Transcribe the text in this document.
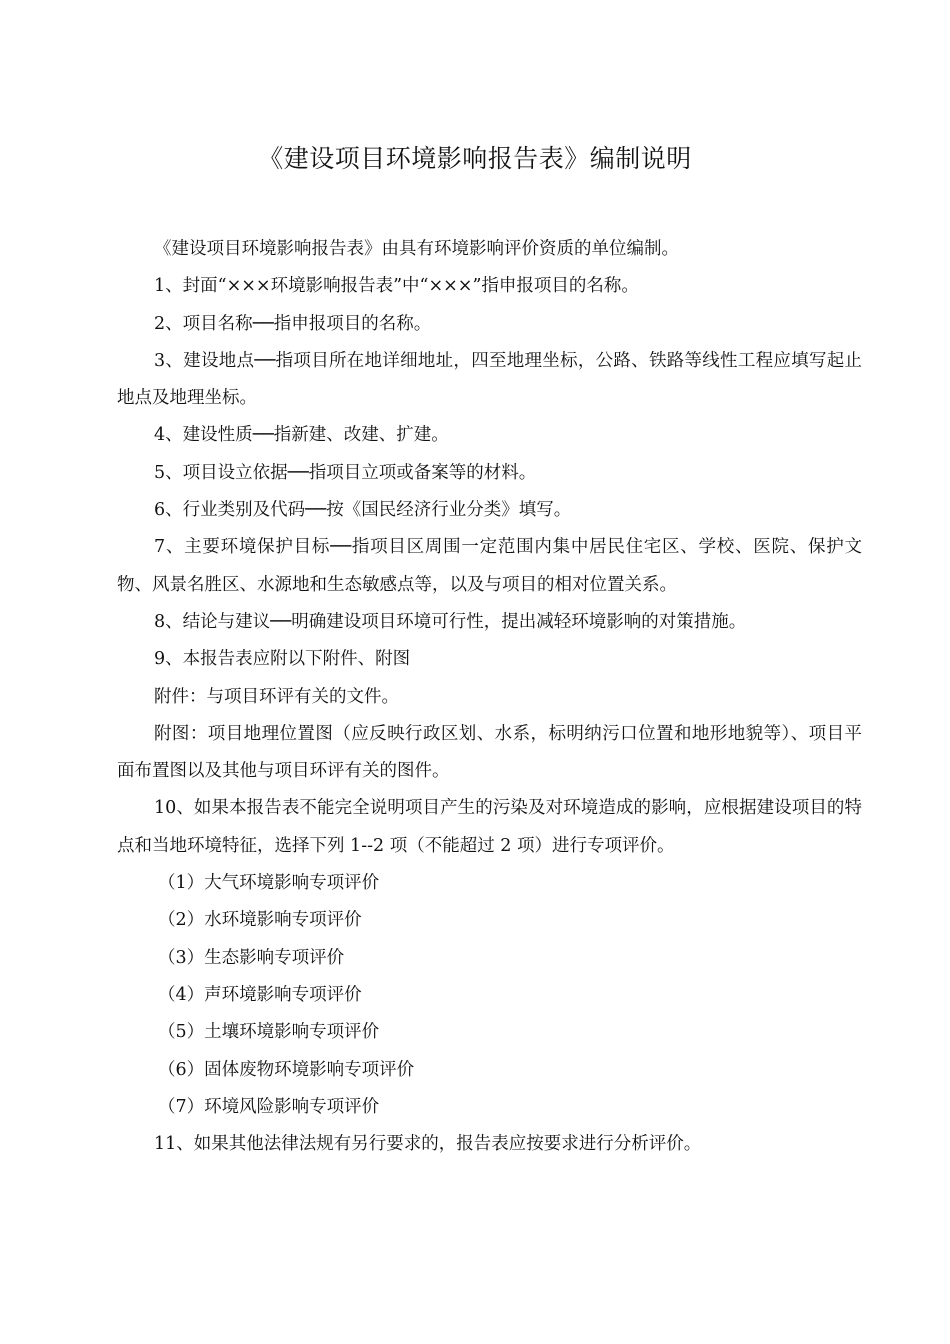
《建设项目环境影响报告表》编制说明

《建设项目环境影响报告表》由具有环境影响评价资质的单位编制。

1、封面“×××环境影响报告表”中“×××”指申报项目的名称。

2、项目名称──指申报项目的名称。

3、建设地点──指项目所在地详细地址，四至地理坐标，公路、铁路等线性工程应填写起止地点及地理坐标。

4、建设性质──指新建、改建、扩建。

5、项目设立依据──指项目立项或备案等的材料。

6、行业类别及代码──按《国民经济行业分类》填写。

7、主要环境保护目标──指项目区周围一定范围内集中居民住宅区、学校、医院、保护文物、风景名胜区、水源地和生态敏感点等，以及与项目的相对位置关系。

8、结论与建议──明确建设项目环境可行性，提出减轻环境影响的对策措施。

9、本报告表应附以下附件、附图

附件：与项目环评有关的文件。

附图：项目地理位置图（应反映行政区划、水系，标明纳污口位置和地形地貌等）、项目平面布置图以及其他与项目环评有关的图件。

10、如果本报告表不能完全说明项目产生的污染及对环境造成的影响，应根据建设项目的特点和当地环境特征，选择下列 1--2 项（不能超过 2 项）进行专项评价。

（1）大气环境影响专项评价

（2）水环境影响专项评价

（3）生态影响专项评价

（4）声环境影响专项评价

（5）土壤环境影响专项评价

（6）固体废物环境影响专项评价

（7）环境风险影响专项评价

11、如果其他法律法规有另行要求的，报告表应按要求进行分析评价。
